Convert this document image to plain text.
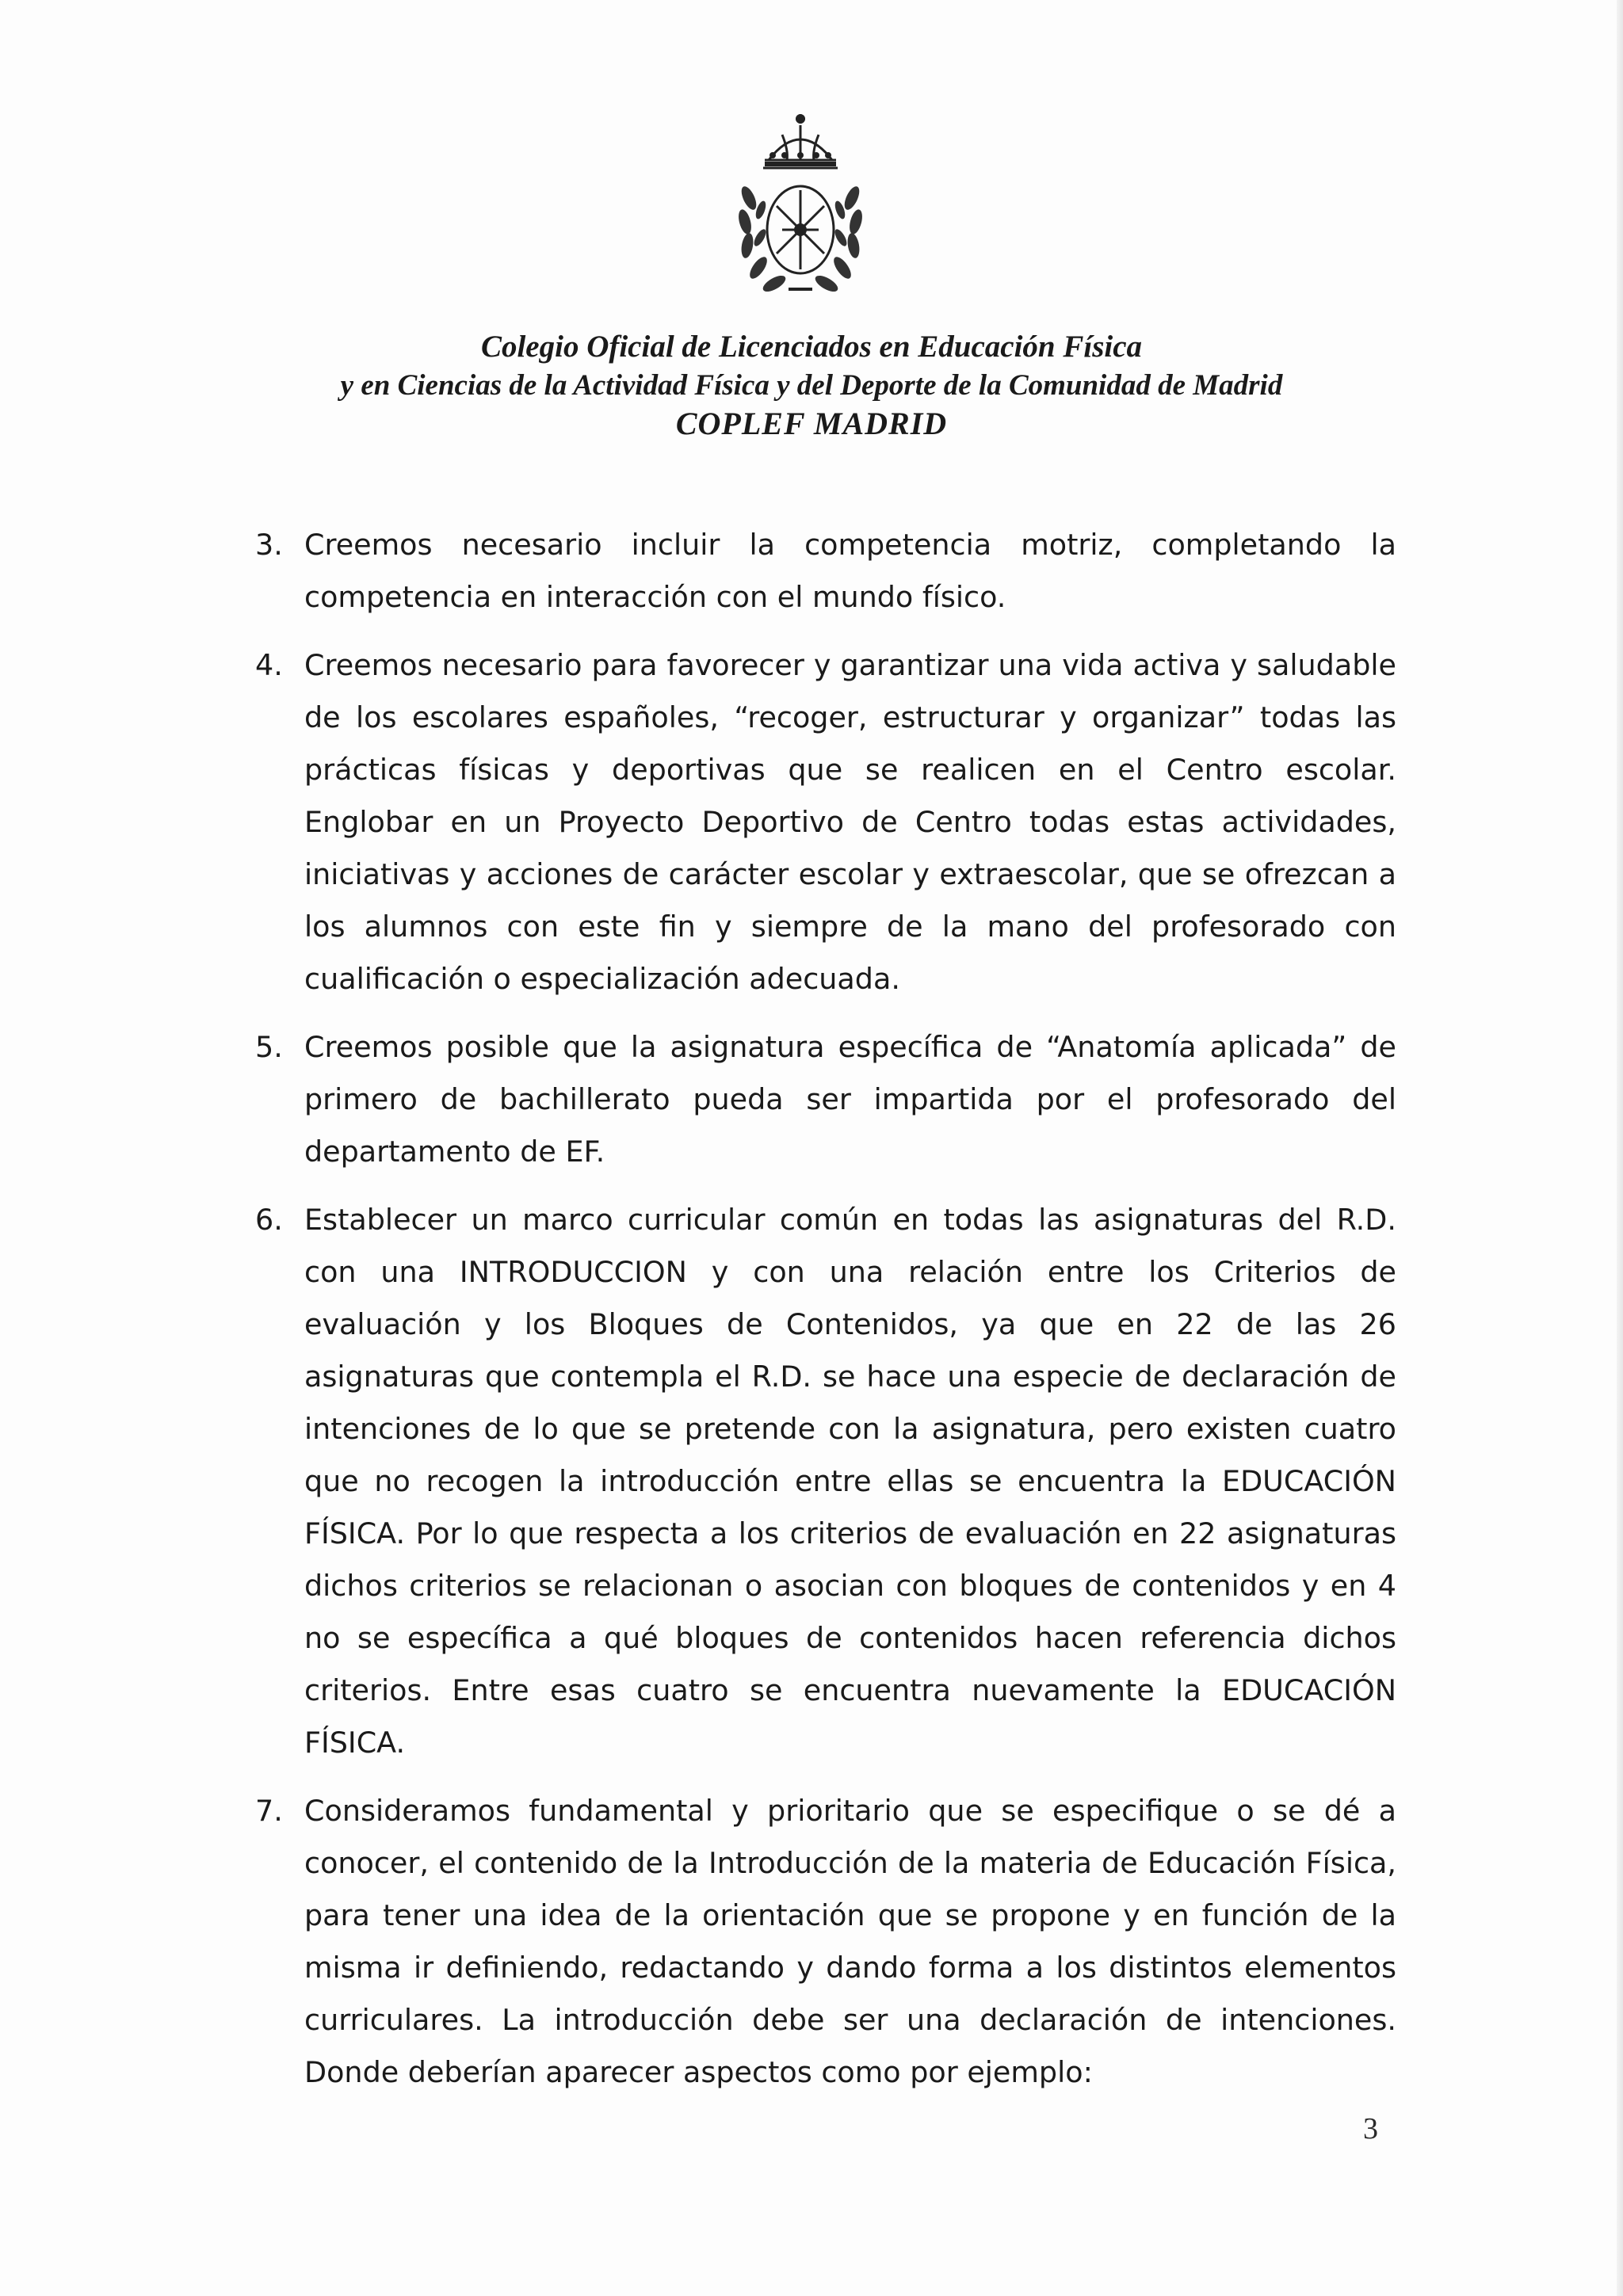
Colegio Oficial de Licenciados en Educación Física
y en Ciencias de la Actividad Física y del Deporte de la Comunidad de Madrid
COPLEF MADRID
3. Creemos necesario incluir la competencia motriz, completando la competencia en interacción con el mundo físico.
4. Creemos necesario para favorecer y garantizar una vida activa y saludable de los escolares españoles, “recoger, estructurar y organizar” todas las prácticas físicas y deportivas que se realicen en el Centro escolar. Englobar en un Proyecto Deportivo de Centro todas estas actividades, iniciativas y acciones de carácter escolar y extraescolar, que se ofrezcan a los alumnos con este fin y siempre de la mano del profesorado con cualificación o especialización adecuada.
5. Creemos posible que la asignatura específica de “Anatomía aplicada” de primero de bachillerato pueda ser impartida por el profesorado del departamento de EF.
6. Establecer un marco curricular común en todas las asignaturas del R.D. con una INTRODUCCION y con una relación entre los Criterios de evaluación y los Bloques de Contenidos, ya que en 22 de las 26 asignaturas que contempla el R.D. se hace una especie de declaración de intenciones de lo que se pretende con la asignatura, pero existen cuatro que no recogen la introducción entre ellas se encuentra la EDUCACIÓN FÍSICA. Por lo que respecta a los criterios de evaluación en 22 asignaturas dichos criterios se relacionan o asocian con bloques de contenidos y en 4 no se específica a qué bloques de contenidos hacen referencia dichos criterios. Entre esas cuatro se encuentra nuevamente la EDUCACIÓN FÍSICA.
7. Consideramos fundamental y prioritario que se especifique o se dé a conocer, el contenido de la Introducción de la materia de Educación Física, para tener una idea de la orientación que se propone y en función de la misma ir definiendo, redactando y dando forma a los distintos elementos curriculares. La introducción debe ser una declaración de intenciones. Donde deberían aparecer aspectos como por ejemplo:
3
